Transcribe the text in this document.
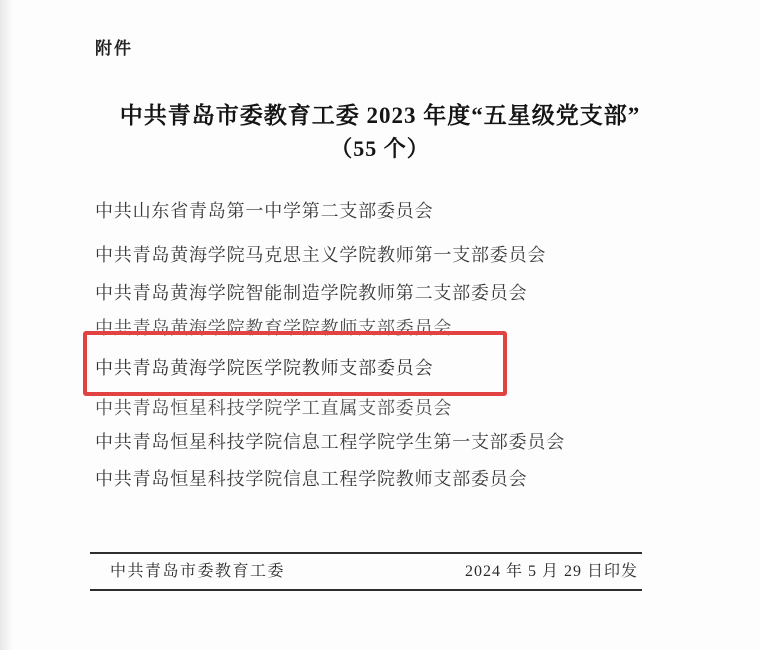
附件
中共青岛市委教育工委 2023 年度“五星级党支部”
（55 个）
中共山东省青岛第一中学第二支部委员会
中共青岛黄海学院马克思主义学院教师第一支部委员会
中共青岛黄海学院智能制造学院教师第二支部委员会
中共青岛黄海学院教育学院教师支部委员会
中共青岛黄海学院医学院教师支部委员会
中共青岛恒星科技学院学工直属支部委员会
中共青岛恒星科技学院信息工程学院学生第一支部委员会
中共青岛恒星科技学院信息工程学院教师支部委员会
中共青岛市委教育工委	2024 年 5 月 29 日印发
